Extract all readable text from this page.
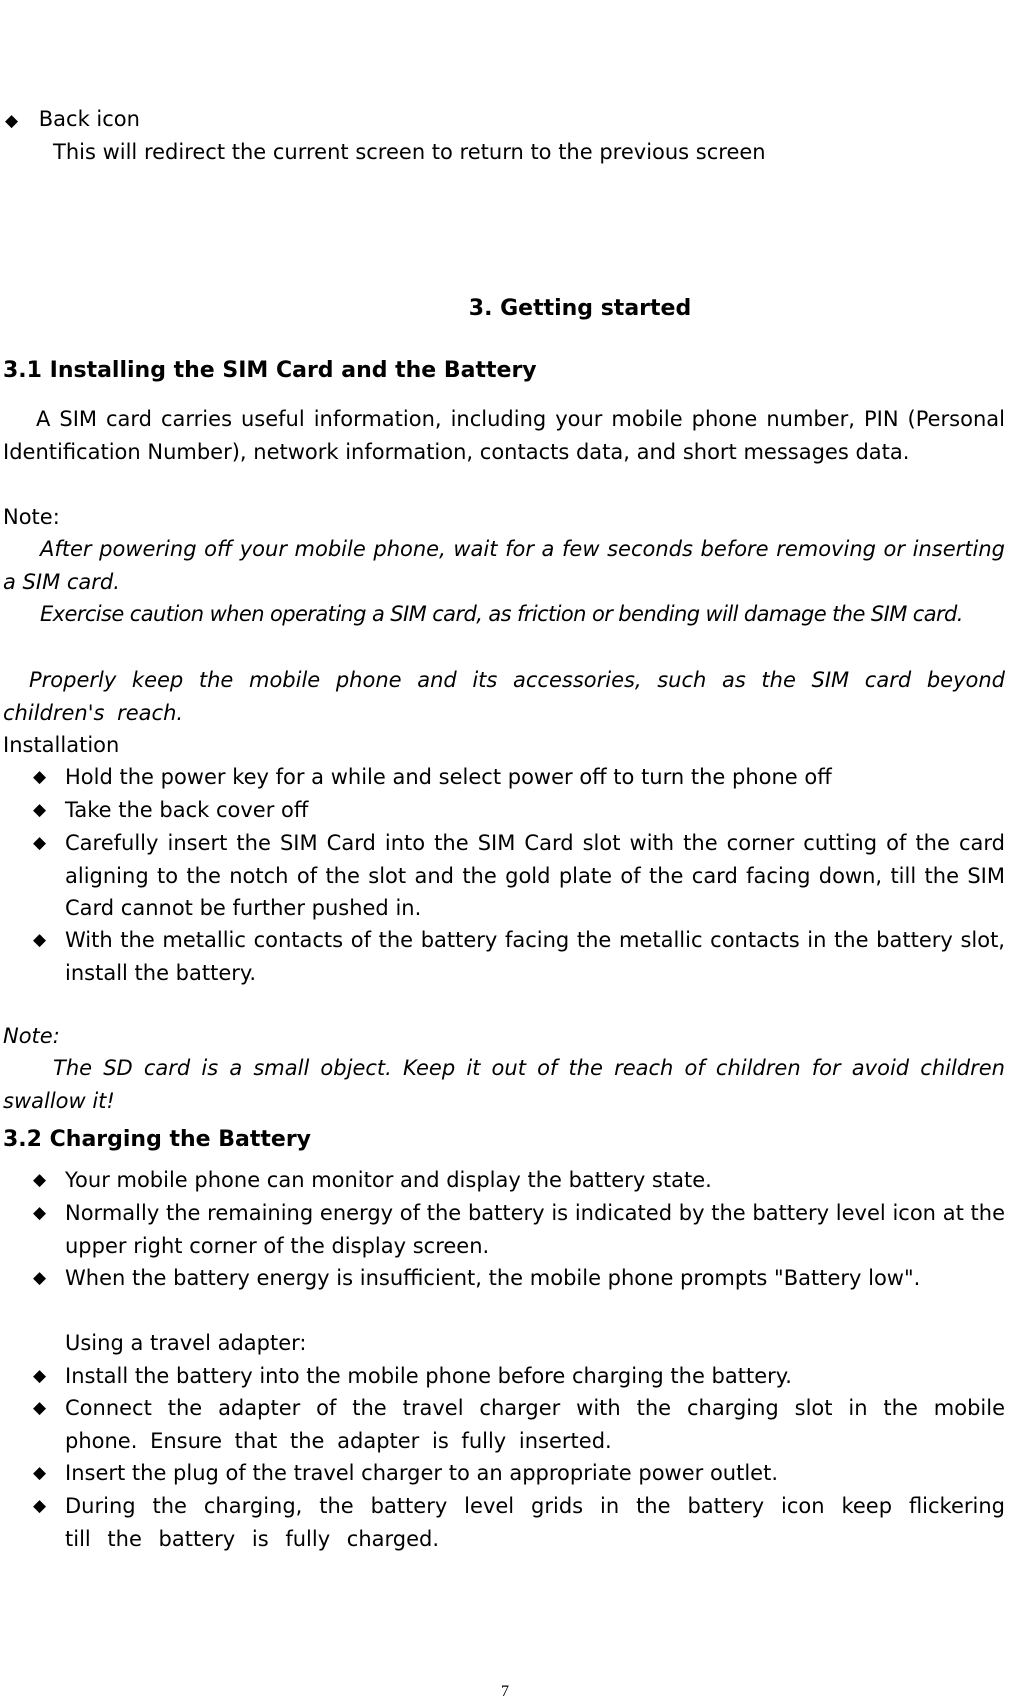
◆ Back icon
This will redirect the current screen to return to the previous screen
3. Getting started
3.1 Installing the SIM Card and the Battery
A SIM card carries useful information, including your mobile phone number, PIN (Personal Identification Number), network information, contacts data, and short messages data.
Note:
After powering off your mobile phone, wait for a few seconds before removing or inserting a SIM card.
Exercise caution when operating a SIM card, as friction or bending will damage the SIM card.
Properly keep the mobile phone and its accessories, such as the SIM card beyond children's reach.
Installation
◆ Hold the power key for a while and select power off to turn the phone off
◆ Take the back cover off
◆ Carefully insert the SIM Card into the SIM Card slot with the corner cutting of the card aligning to the notch of the slot and the gold plate of the card facing down, till the SIM Card cannot be further pushed in.
◆ With the metallic contacts of the battery facing the metallic contacts in the battery slot, install the battery.
Note:
The SD card is a small object. Keep it out of the reach of children for avoid children swallow it!
3.2 Charging the Battery
◆ Your mobile phone can monitor and display the battery state.
◆ Normally the remaining energy of the battery is indicated by the battery level icon at the upper right corner of the display screen.
◆ When the battery energy is insufficient, the mobile phone prompts "Battery low".
Using a travel adapter:
◆ Install the battery into the mobile phone before charging the battery.
◆ Connect the adapter of the travel charger with the charging slot in the mobile phone. Ensure that the adapter is fully inserted.
◆ Insert the plug of the travel charger to an appropriate power outlet.
◆ During the charging, the battery level grids in the battery icon keep flickering till the battery is fully charged.
7
